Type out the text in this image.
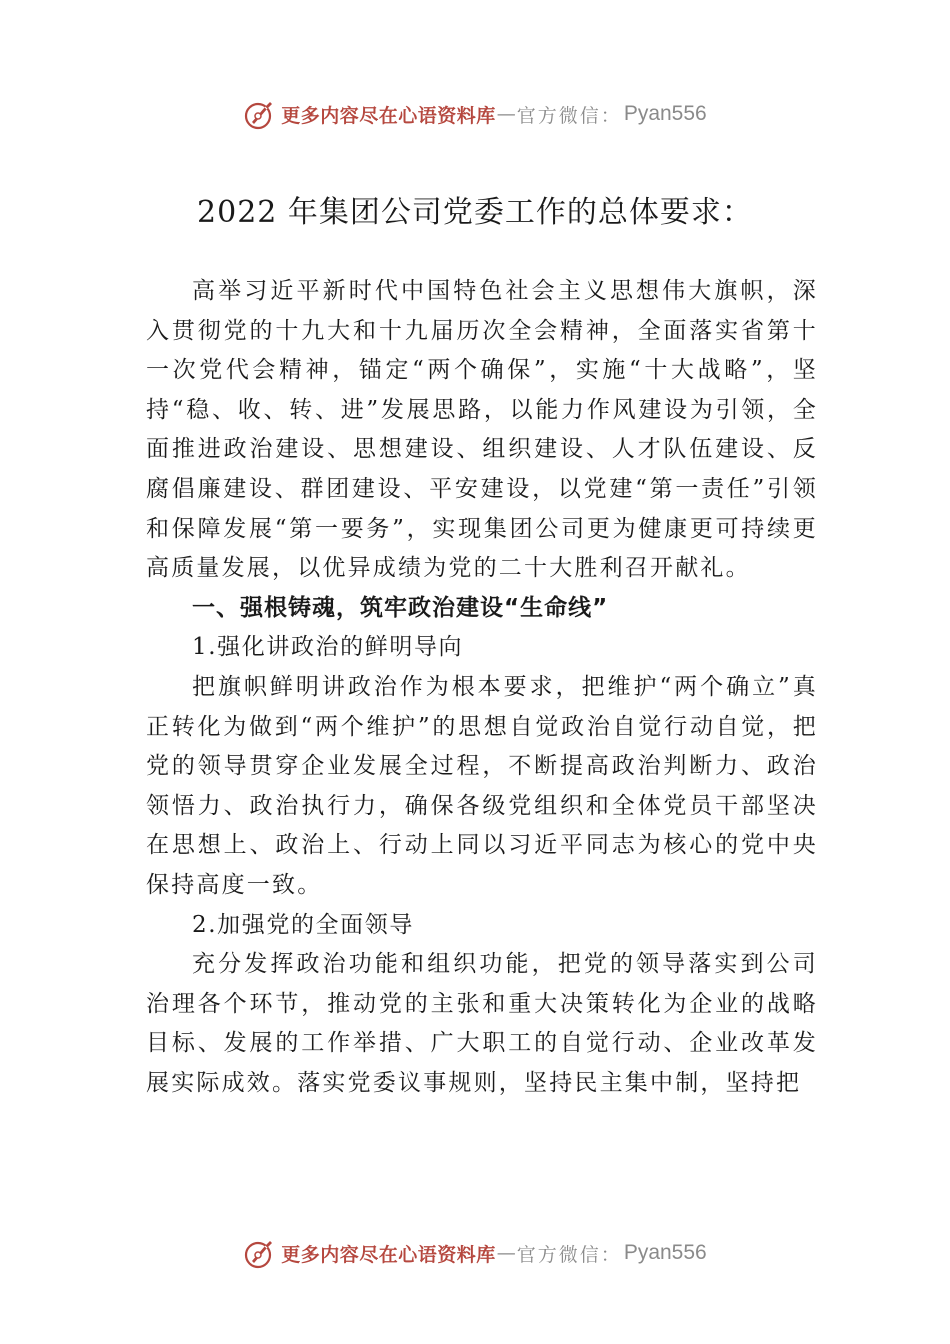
更多内容尽在心语资料库 — 官方微信： Pyan556
2022 年集团公司党委工作的总体要求：

高举习近平新时代中国特色社会主义思想伟大旗帜，深入贯彻党的十九大和十九届历次全会精神，全面落实省第十一次党代会精神，锚定“两个确保”，实施“十大战略”，坚持“稳、收、转、进”发展思路，以能力作风建设为引领，全面推进政治建设、思想建设、组织建设、人才队伍建设、反腐倡廉建设、群团建设、平安建设，以党建“第一责任”引领和保障发展“第一要务”，实现集团公司更为健康更可持续更高质量发展，以优异成绩为党的二十大胜利召开献礼。

一、强根铸魂，筑牢政治建设“生命线”

1.强化讲政治的鲜明导向

把旗帜鲜明讲政治作为根本要求，把维护“两个确立”真正转化为做到“两个维护”的思想自觉政治自觉行动自觉，把党的领导贯穿企业发展全过程，不断提高政治判断力、政治领悟力、政治执行力，确保各级党组织和全体党员干部坚决在思想上、政治上、行动上同以习近平同志为核心的党中央保持高度一致。

2.加强党的全面领导

充分发挥政治功能和组织功能，把党的领导落实到公司治理各个环节，推动党的主张和重大决策转化为企业的战略目标、发展的工作举措、广大职工的自觉行动、企业改革发展实际成效。落实党委议事规则，坚持民主集中制，坚持把

更多内容尽在心语资料库 — 官方微信： Pyan556
